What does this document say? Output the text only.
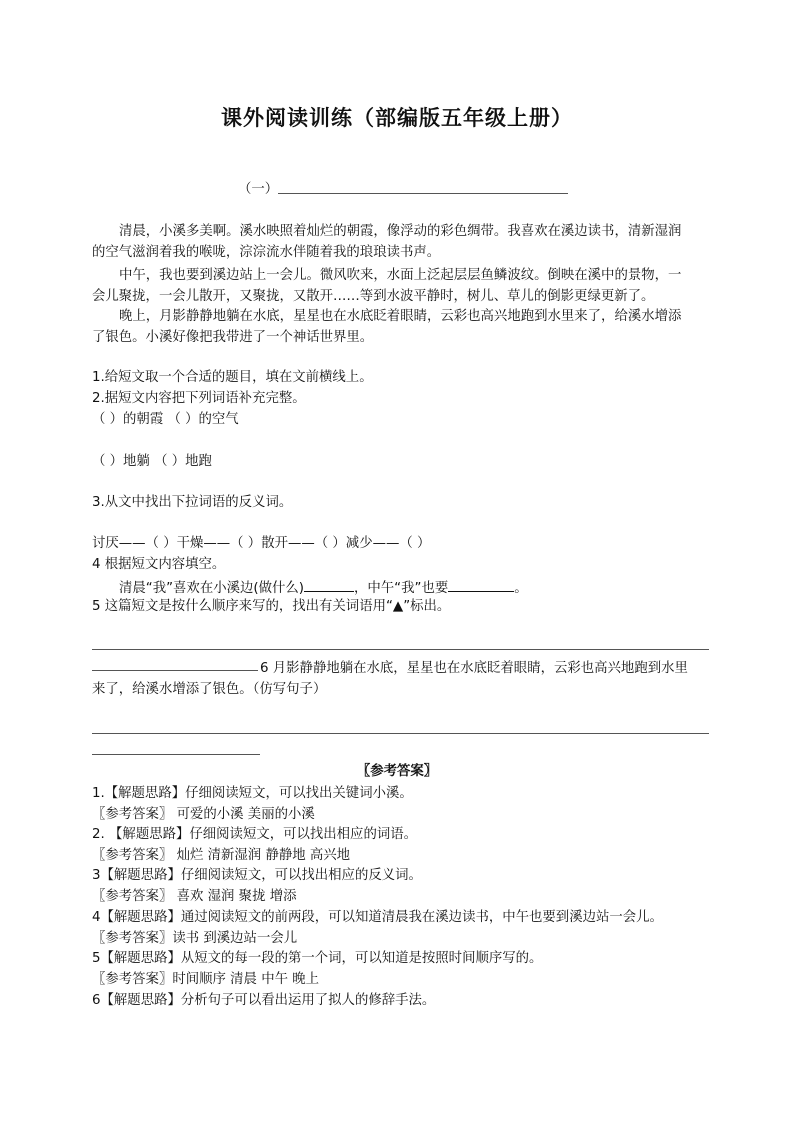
课外阅读训练（部编版五年级上册）
（一）
清晨，小溪多美啊。溪水映照着灿烂的朝霞，像浮动的彩色绸带。我喜欢在溪边读书，清新湿润
的空气滋润着我的喉咙，淙淙流水伴随着我的琅琅读书声。
中午，我也要到溪边站上一会儿。微风吹来，水面上泛起层层鱼鳞波纹。倒映在溪中的景物，一
会儿聚拢，一会儿散开，又聚拢，又散开……等到水波平静时，树儿、草儿的倒影更绿更新了。
晚上，月影静静地躺在水底，星星也在水底眨着眼睛，云彩也高兴地跑到水里来了，给溪水增添
了银色。小溪好像把我带进了一个神话世界里。
1.给短文取一个合适的题目，填在文前横线上。
2.据短文内容把下列词语补充完整。
（ ）的朝霞 （ ）的空气
（ ）地躺 （ ）地跑
3.从文中找出下拉词语的反义词。
讨厌——（ ）干燥——（ ）散开——（ ）减少——（ ）
4 根据短文内容填空。
清晨“我”喜欢在小溪边(做什么)	，中午“我”也要	。
5 这篇短文是按什么顺序来写的，找出有关词语用“▲”标出。
6 月影静静地躺在水底，星星也在水底眨着眼睛，云彩也高兴地跑到水里
来了，给溪水增添了银色。（仿写句子）
〖参考答案〗
1.【解题思路】仔细阅读短文，可以找出关键词小溪。
〖参考答案〗 可爱的小溪 美丽的小溪
2. 【解题思路】仔细阅读短文，可以找出相应的词语。
〖参考答案〗 灿烂 清新湿润 静静地 高兴地
3【解题思路】仔细阅读短文，可以找出相应的反义词。
〖参考答案〗 喜欢 湿润 聚拢 增添
4【解题思路】通过阅读短文的前两段，可以知道清晨我在溪边读书，中午也要到溪边站一会儿。
〖参考答案〗读书 到溪边站一会儿
5【解题思路】从短文的每一段的第一个词，可以知道是按照时间顺序写的。
〖参考答案〗时间顺序 清晨 中午 晚上
6【解题思路】分析句子可以看出运用了拟人的修辞手法。
